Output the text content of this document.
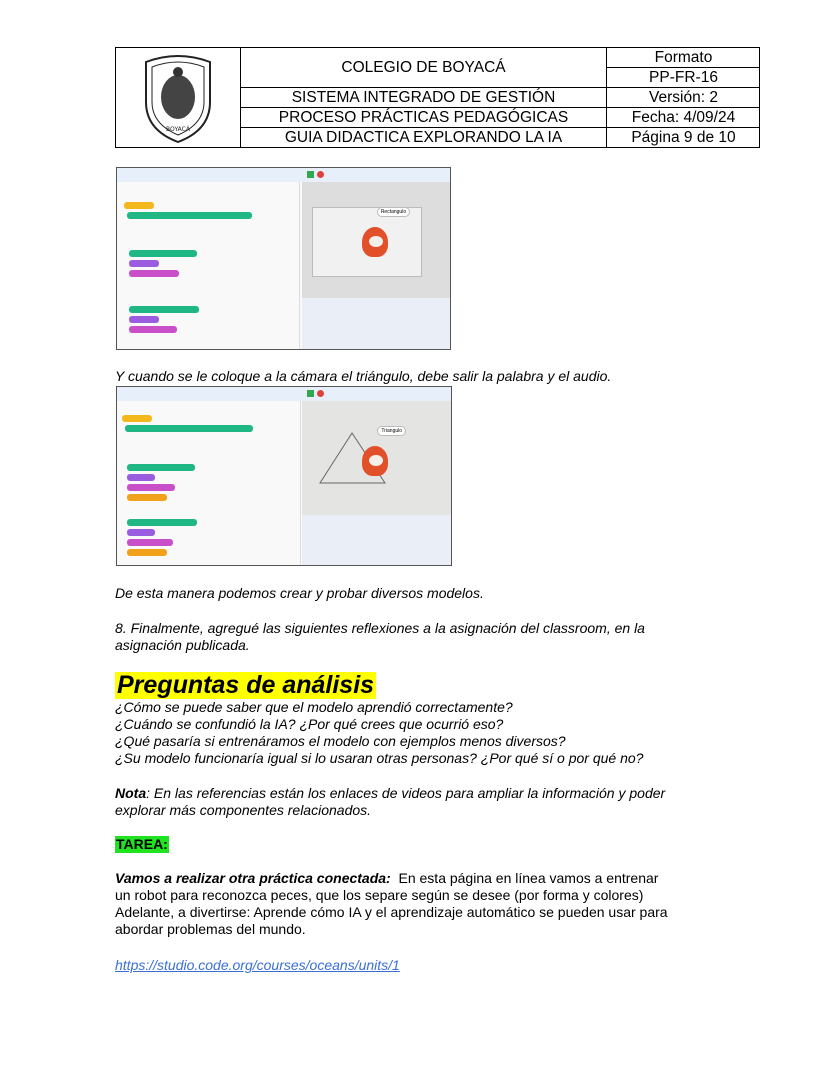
BOYACÁ
COLEGIO DE BOYACÁ
SISTEMA INTEGRADO DE GESTIÓN
PROCESO PRÁCTICAS PEDAGÓGICAS
GUIA DIDACTICA EXPLORANDO LA IA
Formato
PP-FR-16
Versión: 2
Fecha: 4/09/24
Página 9 de 10
Rectangulo

Y cuando se le coloque a la cámara el triángulo, debe salir la palabra y el audio.

Triangulo

De esta manera podemos crear y probar diversos modelos.

8. Finalmente, agregué las siguientes reflexiones a la asignación del classroom, en la

asignación publicada.

Preguntas de análisis

¿Cómo se puede saber que el modelo aprendió correctamente?

¿Cuándo se confundió la IA? ¿Por qué crees que ocurrió eso?

¿Qué pasaría si entrenáramos el modelo con ejemplos menos diversos?

¿Su modelo funcionaría igual si lo usaran otras personas? ¿Por qué sí o por qué no?

Nota: En las referencias están los enlaces de videos para ampliar la información y poder

explorar más componentes relacionados.

TAREA:

Vamos a realizar otra práctica conectada:  En esta página en línea vamos a entrenar

un robot para reconozca peces, que los separe según se desee (por forma y colores)

Adelante, a divertirse: Aprende cómo IA y el aprendizaje automático se pueden usar para

abordar problemas del mundo.

https://studio.code.org/courses/oceans/units/1
